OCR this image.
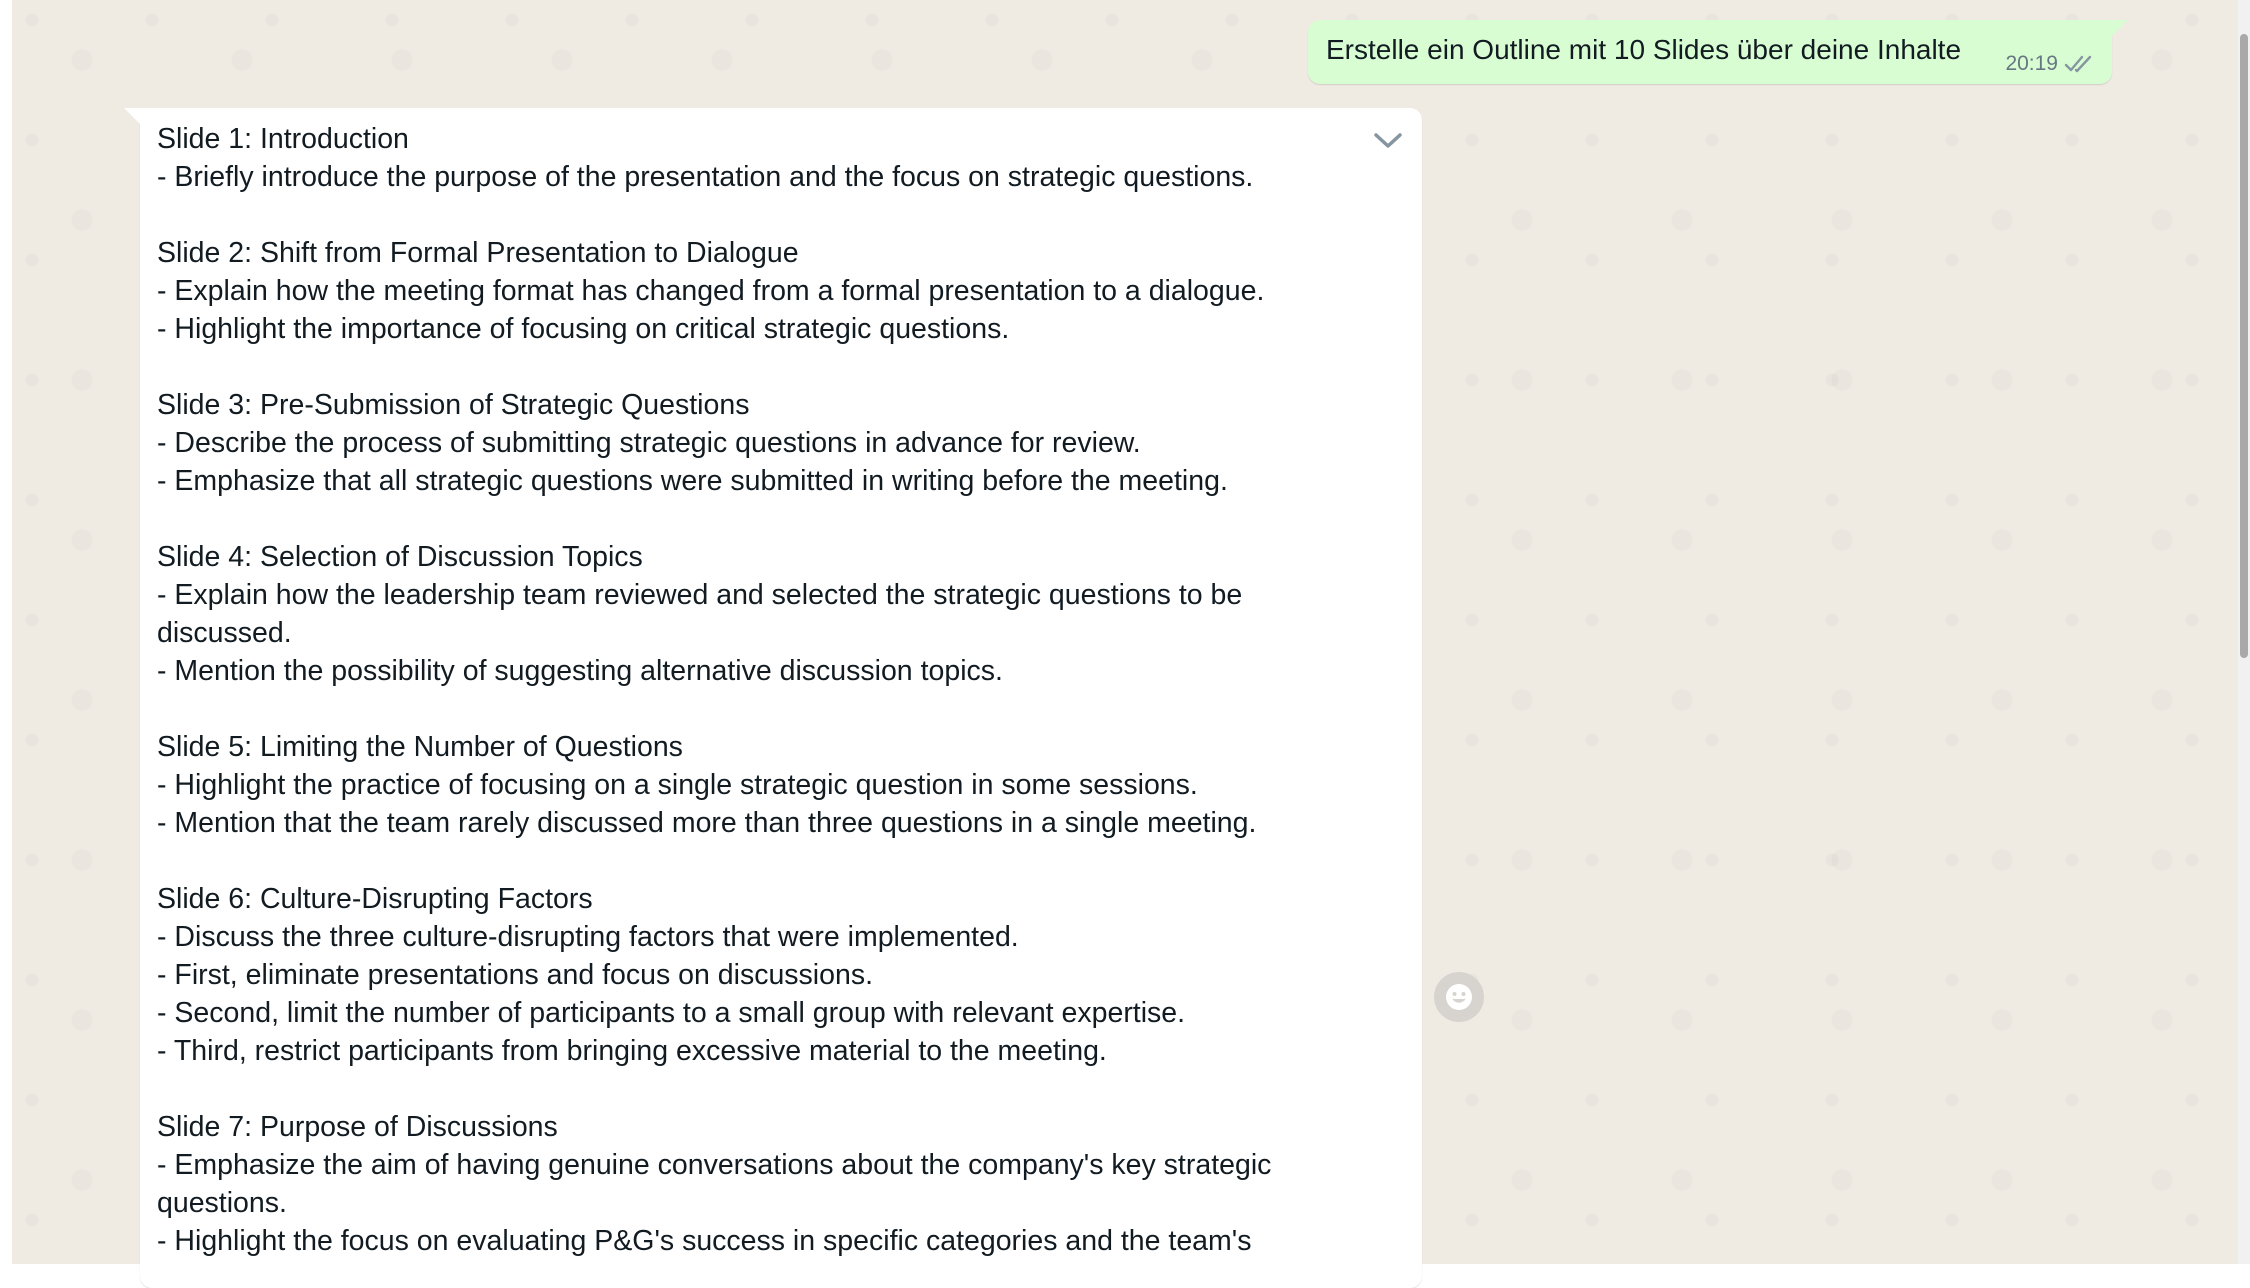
Erstelle ein Outline mit 10 Slides über deine Inhalte 20:19
Slide 1: Introduction
- Briefly introduce the purpose of the presentation and the focus on strategic questions.
Slide 2: Shift from Formal Presentation to Dialogue
- Explain how the meeting format has changed from a formal presentation to a dialogue.
- Highlight the importance of focusing on critical strategic questions.
Slide 3: Pre-Submission of Strategic Questions
- Describe the process of submitting strategic questions in advance for review.
- Emphasize that all strategic questions were submitted in writing before the meeting.
Slide 4: Selection of Discussion Topics
- Explain how the leadership team reviewed and selected the strategic questions to be
discussed.
- Mention the possibility of suggesting alternative discussion topics.
Slide 5: Limiting the Number of Questions
- Highlight the practice of focusing on a single strategic question in some sessions.
- Mention that the team rarely discussed more than three questions in a single meeting.
Slide 6: Culture-Disrupting Factors
- Discuss the three culture-disrupting factors that were implemented.
- First, eliminate presentations and focus on discussions.
- Second, limit the number of participants to a small group with relevant expertise.
- Third, restrict participants from bringing excessive material to the meeting.
Slide 7: Purpose of Discussions
- Emphasize the aim of having genuine conversations about the company's key strategic
questions.
- Highlight the focus on evaluating P&G's success in specific categories and the team's
